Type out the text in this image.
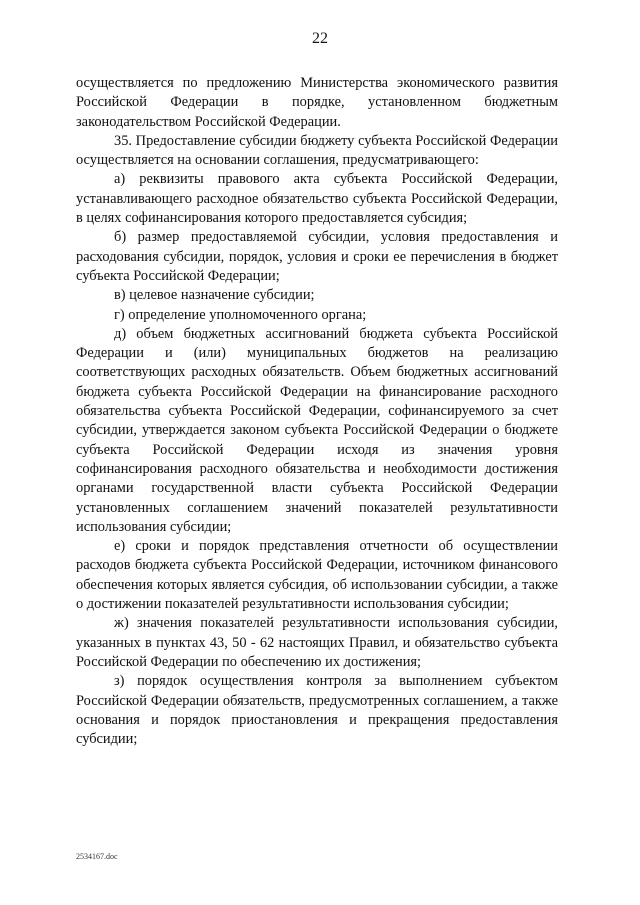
22

осуществляется по предложению Министерства экономического развития Российской Федерации в порядке, установленном бюджетным законодательством Российской Федерации.

35. Предоставление субсидии бюджету субъекта Российской Федерации осуществляется на основании соглашения, предусматривающего:

а) реквизиты правового акта субъекта Российской Федерации, устанавливающего расходное обязательство субъекта Российской Федерации, в целях софинансирования которого предоставляется субсидия;

б) размер предоставляемой субсидии, условия предоставления и расходования субсидии, порядок, условия и сроки ее перечисления в бюджет субъекта Российской Федерации;

в) целевое назначение субсидии;

г) определение уполномоченного органа;

д) объем бюджетных ассигнований бюджета субъекта Российской Федерации и (или) муниципальных бюджетов на реализацию соответствующих расходных обязательств. Объем бюджетных ассигнований бюджета субъекта Российской Федерации на финансирование расходного обязательства субъекта Российской Федерации, софинансируемого за счет субсидии, утверждается законом субъекта Российской Федерации о бюджете субъекта Российской Федерации исходя из значения уровня софинансирования расходного обязательства и необходимости достижения органами государственной власти субъекта Российской Федерации установленных соглашением значений показателей результативности использования субсидии;

е) сроки и порядок представления отчетности об осуществлении расходов бюджета субъекта Российской Федерации, источником финансового обеспечения которых является субсидия, об использовании субсидии, а также о достижении показателей результативности использования субсидии;

ж) значения показателей результативности использования субсидии, указанных в пунктах 43, 50 - 62 настоящих Правил, и обязательство субъекта Российской Федерации по обеспечению их достижения;

з) порядок осуществления контроля за выполнением субъектом Российской Федерации обязательств, предусмотренных соглашением, а также основания и порядок приостановления и прекращения предоставления субсидии;

2534167.doc
